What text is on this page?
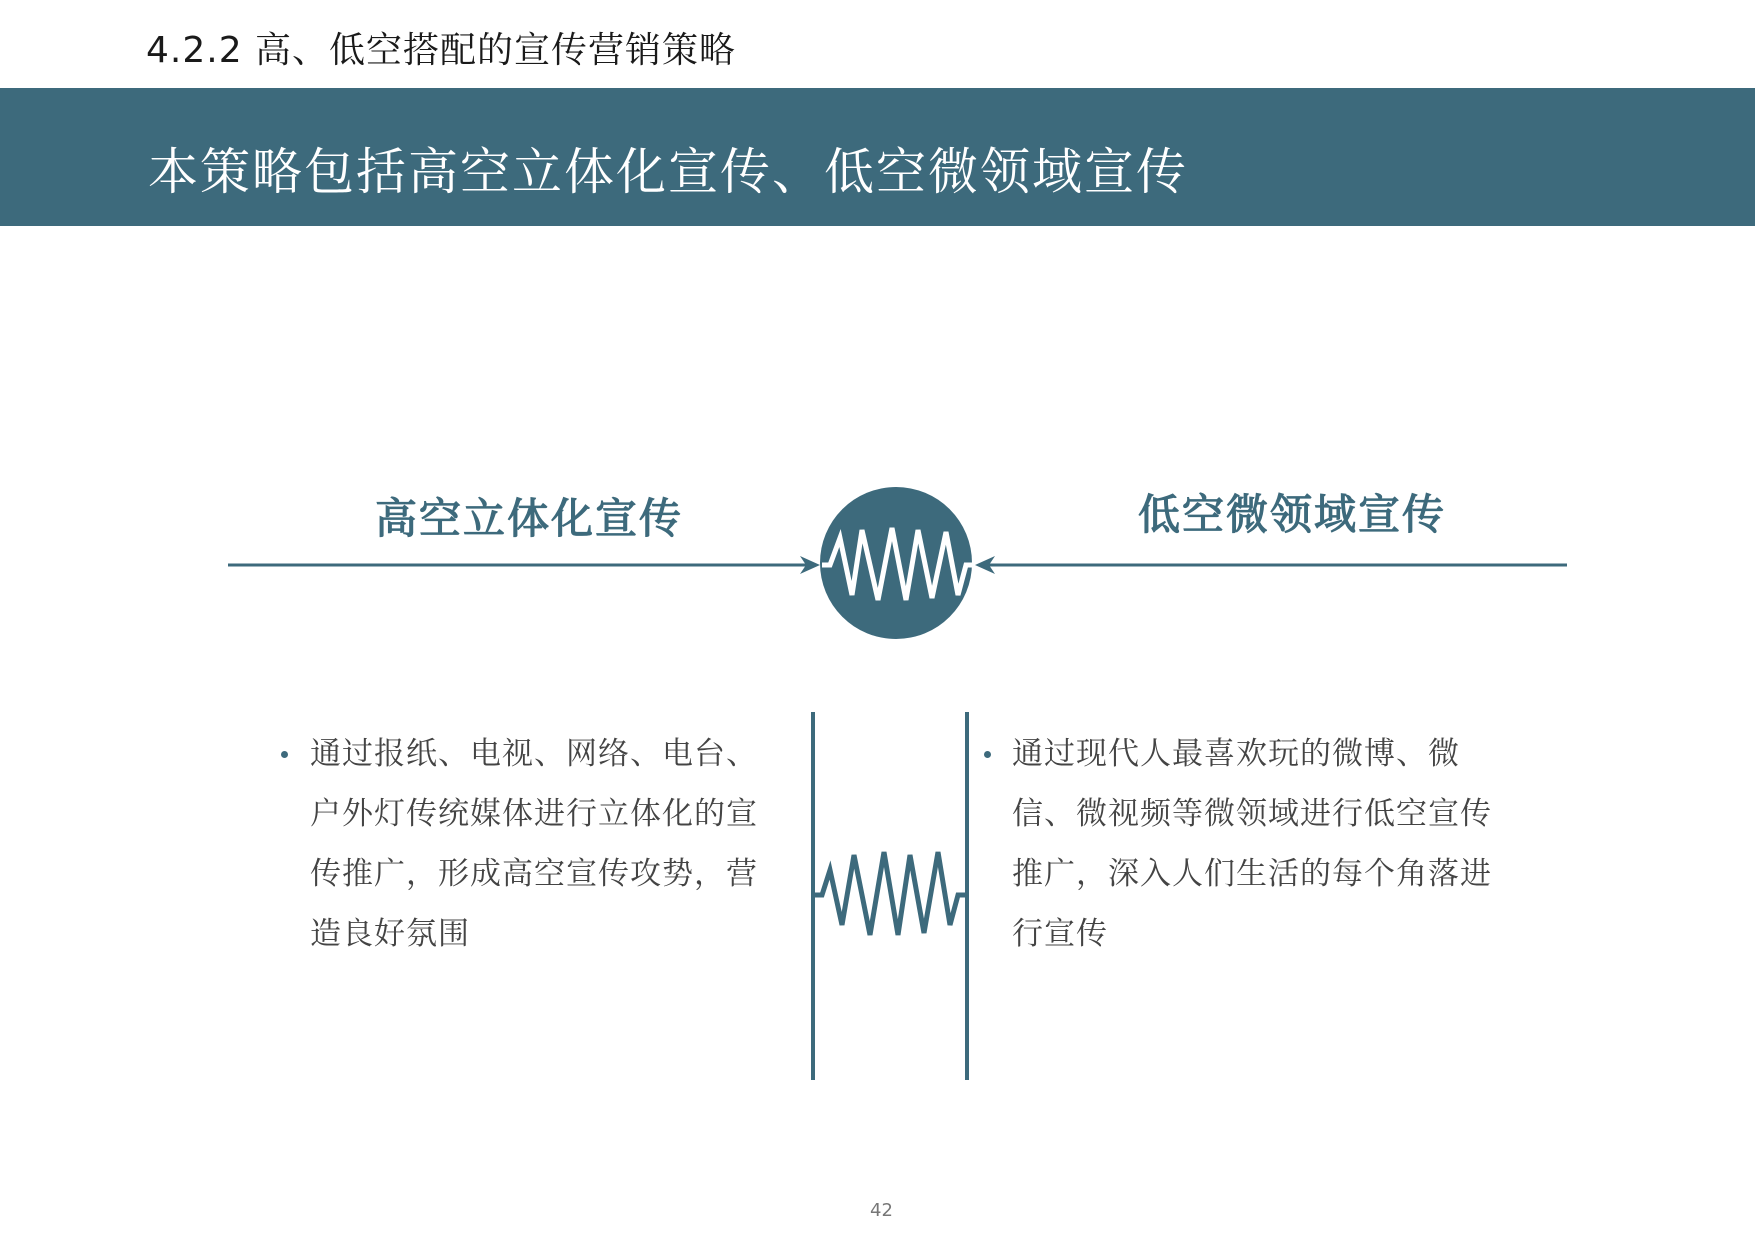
4.2.2 高、低空搭配的宣传营销策略
本策略包括高空立体化宣传、低空微领域宣传
高空立体化宣传	低空微领域宣传
通过报纸、电视、网络、电台、户外灯传统媒体进行立体化的宣传推广，形成高空宣传攻势，营造良好氛围
通过现代人最喜欢玩的微博、微信、微视频等微领域进行低空宣传推广，深入人们生活的每个角落进行宣传
42
